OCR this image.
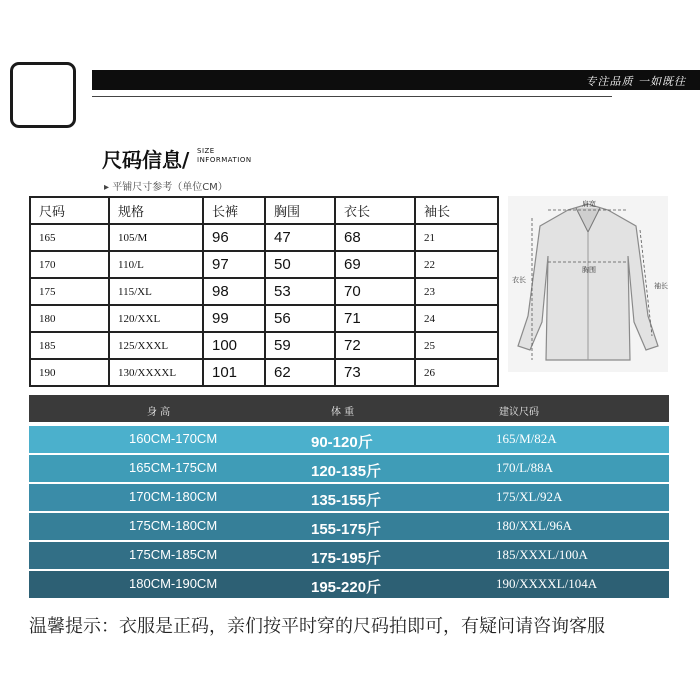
专注品质 一如既往
尺码信息/ SIZE
INFORMATION
▸ 平铺尺寸参考（单位CM）
尺码	规格	长裤	胸围	衣长	袖长
165	105/M	96	47	68	21
170	110/L	97	50	69	22
175	115/XL	98	53	70	23
180	120/XXL	99	56	71	24
185	125/XXXL	100	59	72	25
190	130/XXXXL	101	62	73	26
肩宽
胸围
衣长
袖长
身 高	体 重	建议尺码
160CM-170CM	90-120斤	165/M/82A
165CM-175CM	120-135斤	170/L/88A
170CM-180CM	135-155斤	175/XL/92A
175CM-180CM	155-175斤	180/XXL/96A
175CM-185CM	175-195斤	185/XXXL/100A
180CM-190CM	195-220斤	190/XXXXL/104A
温馨提示：衣服是正码，亲们按平时穿的尺码拍即可，有疑问请咨询客服
